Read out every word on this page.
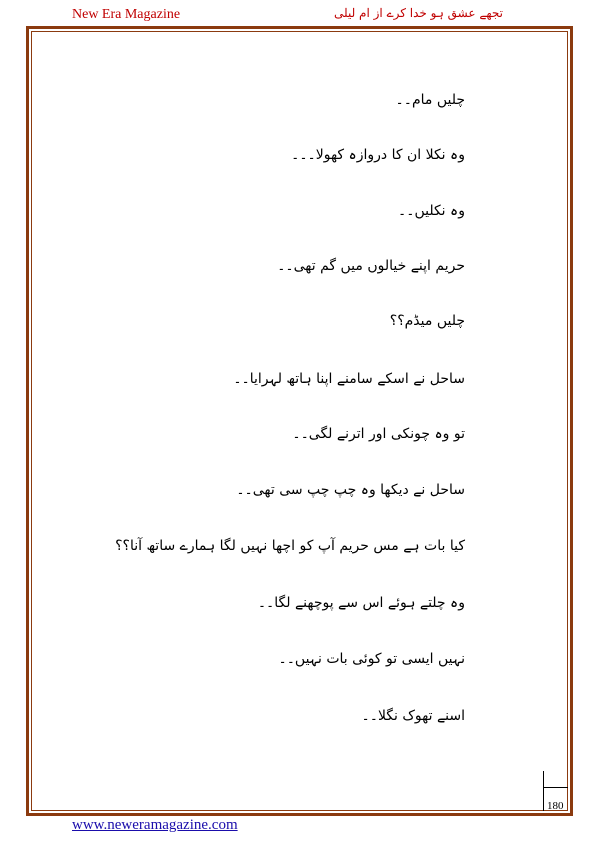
New Era Magazine	تجھے عشق ہو خدا کرے از ام لیلی
چلیں مام۔۔
وہ نکلا ان کا دروازہ کھولا۔۔۔
وہ نکلیں۔۔
حریم اپنے خیالوں میں گم تھی۔۔
چلیں میڈم؟؟
ساحل نے اسکے سامنے اپنا ہاتھ لہرایا۔۔
تو وہ چونکی اور اترنے لگی۔۔
ساحل نے دیکھا وہ چپ چپ سی تھی۔۔
کیا بات ہے مس حریم آپ کو اچھا نہیں لگا ہمارے ساتھ آنا؟؟
وہ چلتے ہوئے اس سے پوچھنے لگا۔۔
نہیں ایسی تو کوئی بات نہیں۔۔
اسنے تھوک نگلا۔۔
180
www.neweramagazine.com
